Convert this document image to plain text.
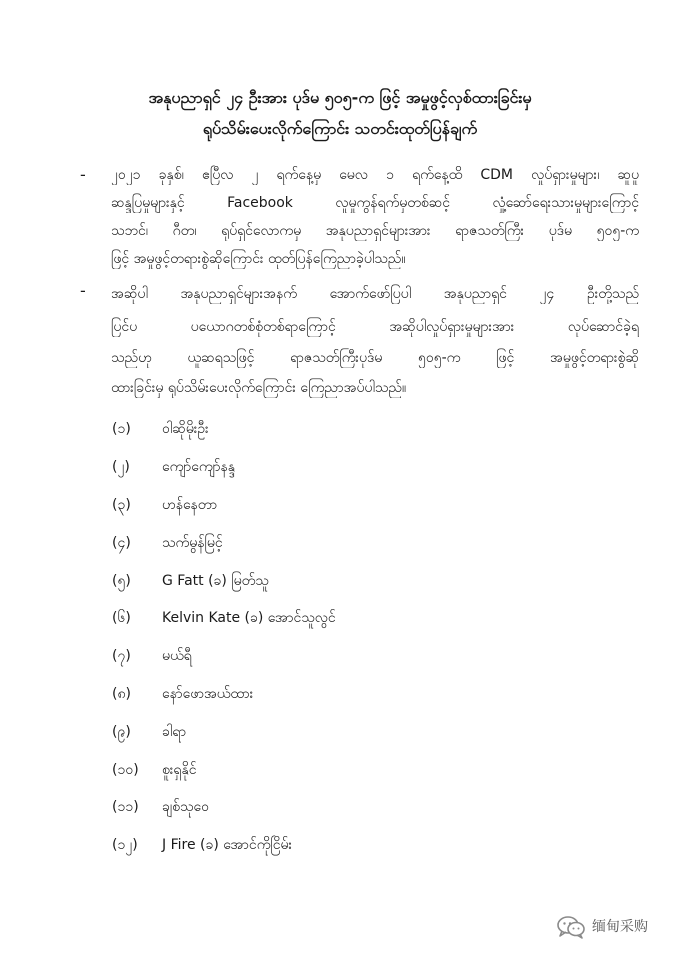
အနုပညာရှင် ၂၄ ဦးအား ပုဒ်မ ၅၀၅-က ဖြင့် အမှုဖွင့်လှစ်ထားခြင်းမှ
ရုပ်သိမ်းပေးလိုက်ကြောင်း သတင်းထုတ်ပြန်ချက်
- ၂၀၂၁ ခုနှစ်၊ ဧပြီလ ၂ ရက်နေ့မှ မေလ ၁ ရက်နေ့ထိ CDM လှုပ်ရှားမှုများ၊ ဆူပူ
ဆန္ဒပြမှုများနှင့် Facebook လူမှုကွန်ရက်မှတစ်ဆင့် လှုံ့ဆော်ရေးသားမှုများကြောင့်
သဘင်၊ ဂီတ၊ ရုပ်ရှင်လောကမှ အနုပညာရှင်များအား ရာဇသတ်ကြီး ပုဒ်မ ၅၀၅-က
ဖြင့် အမှုဖွင့်တရားစွဲဆိုကြောင်း ထုတ်ပြန်ကြေညာခဲ့ပါသည်။
- အဆိုပါ အနုပညာရှင်များအနက် အောက်ဖော်ပြပါ အနုပညာရှင် ၂၄ ဦးတို့သည်
ပြင်ပ ပယောဂတစ်စုံတစ်ရာကြောင့် အဆိုပါလှုပ်ရှားမှုများအား လုပ်ဆောင်ခဲ့ရ
သည်ဟု ယူဆရသဖြင့် ရာဇသတ်ကြီးပုဒ်မ ၅၀၅-က ဖြင့် အမှုဖွင့်တရားစွဲဆို
ထားခြင်းမှ ရုပ်သိမ်းပေးလိုက်ကြောင်း ကြေညာအပ်ပါသည်။
(၁)	ဝါဆိုမိုးဦး
(၂)	ကျော်ကျော်နန္ဒ
(၃)	ဟန်နေတာ
(၄)	သက်မွန်မြင့်
(၅)	G Fatt (ခ) မြတ်သူ
(၆)	Kelvin Kate (ခ) အောင်သူလွင်
(၇)	မယ်ရီ
(၈)	နော်ဖောအယ်ထား
(၉)	ခါရာ
(၁၀)	စူးရှနိုင်
(၁၁)	ချစ်သုဝေ
(၁၂)	J Fire (ခ) အောင်ကိုငြိမ်း
缅甸采购
